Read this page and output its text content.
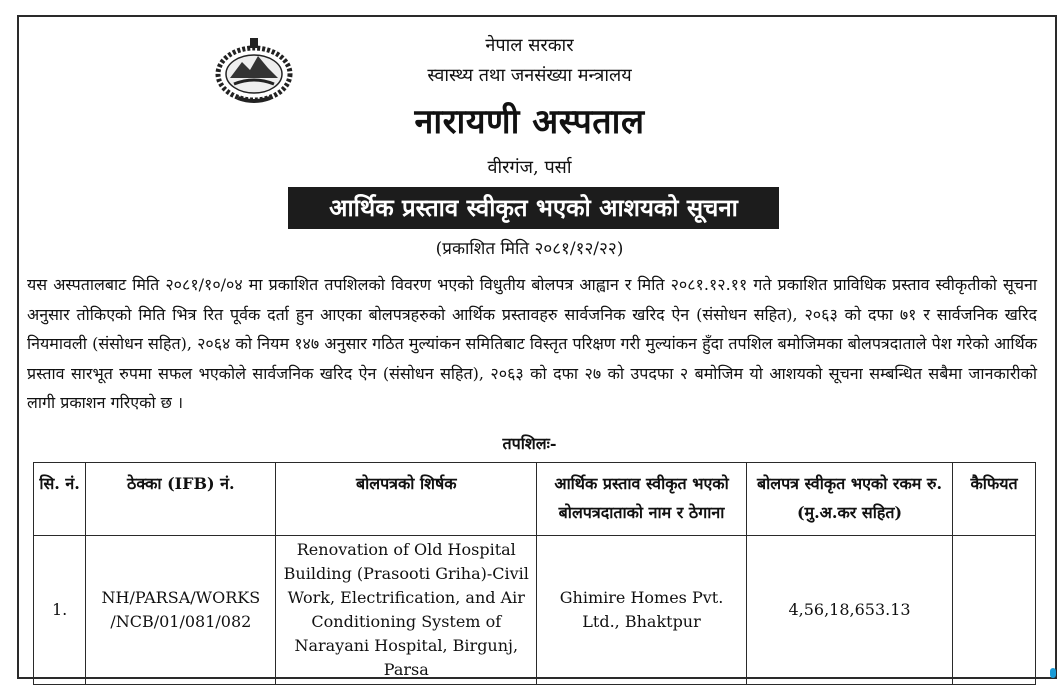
नेपाल सरकार
स्वास्थ्य तथा जनसंख्या मन्त्रालय
नारायणी अस्पताल
वीरगंज, पर्सा
आर्थिक प्रस्ताव स्वीकृत भएको आशयको सूचना
(प्रकाशित मिति २०८१/१२/२२)
यस अस्पतालबाट मिति २०८१/१०/०४ मा प्रकाशित तपशिलको विवरण भएको विधुतीय बोलपत्र आह्वान र मिति २०८१.१२.११ गते प्रकाशित प्राविधिक प्रस्ताव स्वीकृतीको सूचना अनुसार तोकिएको मिति भित्र रित पूर्वक दर्ता हुन आएका बोलपत्रहरुको आर्थिक प्रस्तावहरु सार्वजनिक खरिद ऐन (संसोधन सहित), २०६३ को दफा ७१ र सार्वजनिक खरिद नियमावली (संसोधन सहित), २०६४ को नियम १४७ अनुसार गठित मुल्यांकन समितिबाट विस्तृत परिक्षण गरी मुल्यांकन हुँदा तपशिल बमोजिमका बोलपत्रदाताले पेश गरेको आर्थिक प्रस्ताव सारभूत रुपमा सफल भएकोले सार्वजनिक खरिद ऐन (संसोधन सहित), २०६३ को दफा २७ को उपदफा २ बमोजिम यो आशयको सूचना सम्बन्धित सबैमा जानकारीको लागी प्रकाशन गरिएको छ ।
तपशिलः-
सि. नं.	ठेक्का (IFB) नं.	बोलपत्रको शिर्षक	आर्थिक प्रस्ताव स्वीकृत भएको बोलपत्रदाताको नाम र ठेगाना	बोलपत्र स्वीकृत भएको रकम रु.(मु.अ.कर सहित)	कैफियत
1.	NH/PARSA/WORKS /NCB/01/081/082	Renovation of Old Hospital Building (Prasooti Griha)-Civil Work, Electrification, and Air Conditioning System of Narayani Hospital, Birgunj, Parsa	Ghimire Homes Pvt. Ltd., Bhaktpur	4,56,18,653.13	
